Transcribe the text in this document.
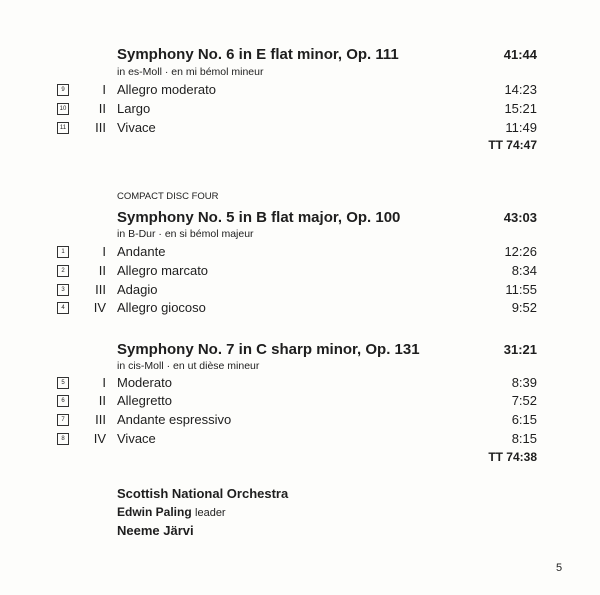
Symphony No. 6 in E flat minor, Op. 111	41:44
in es-Moll · en mi bémol mineur
9	I Allegro moderato	14:23
10 II Largo	15:21
11 III Vivace	11:49
TT 74:47
COMPACT DISC FOUR
Symphony No. 5 in B flat major, Op. 100	43:03
in B-Dur · en si bémol majeur
1	I Andante	12:26
2	II Allegro marcato	8:34
3	III Adagio	11:55
4	IV Allegro giocoso	9:52
Symphony No. 7 in C sharp minor, Op. 131	31:21
in cis-Moll · en ut dièse mineur
5	I Moderato	8:39
6	II Allegretto	7:52
7	III Andante espressivo	6:15
8	IV Vivace	8:15
TT 74:38
Scottish National Orchestra
Edwin Paling leader
Neeme Järvi
5
